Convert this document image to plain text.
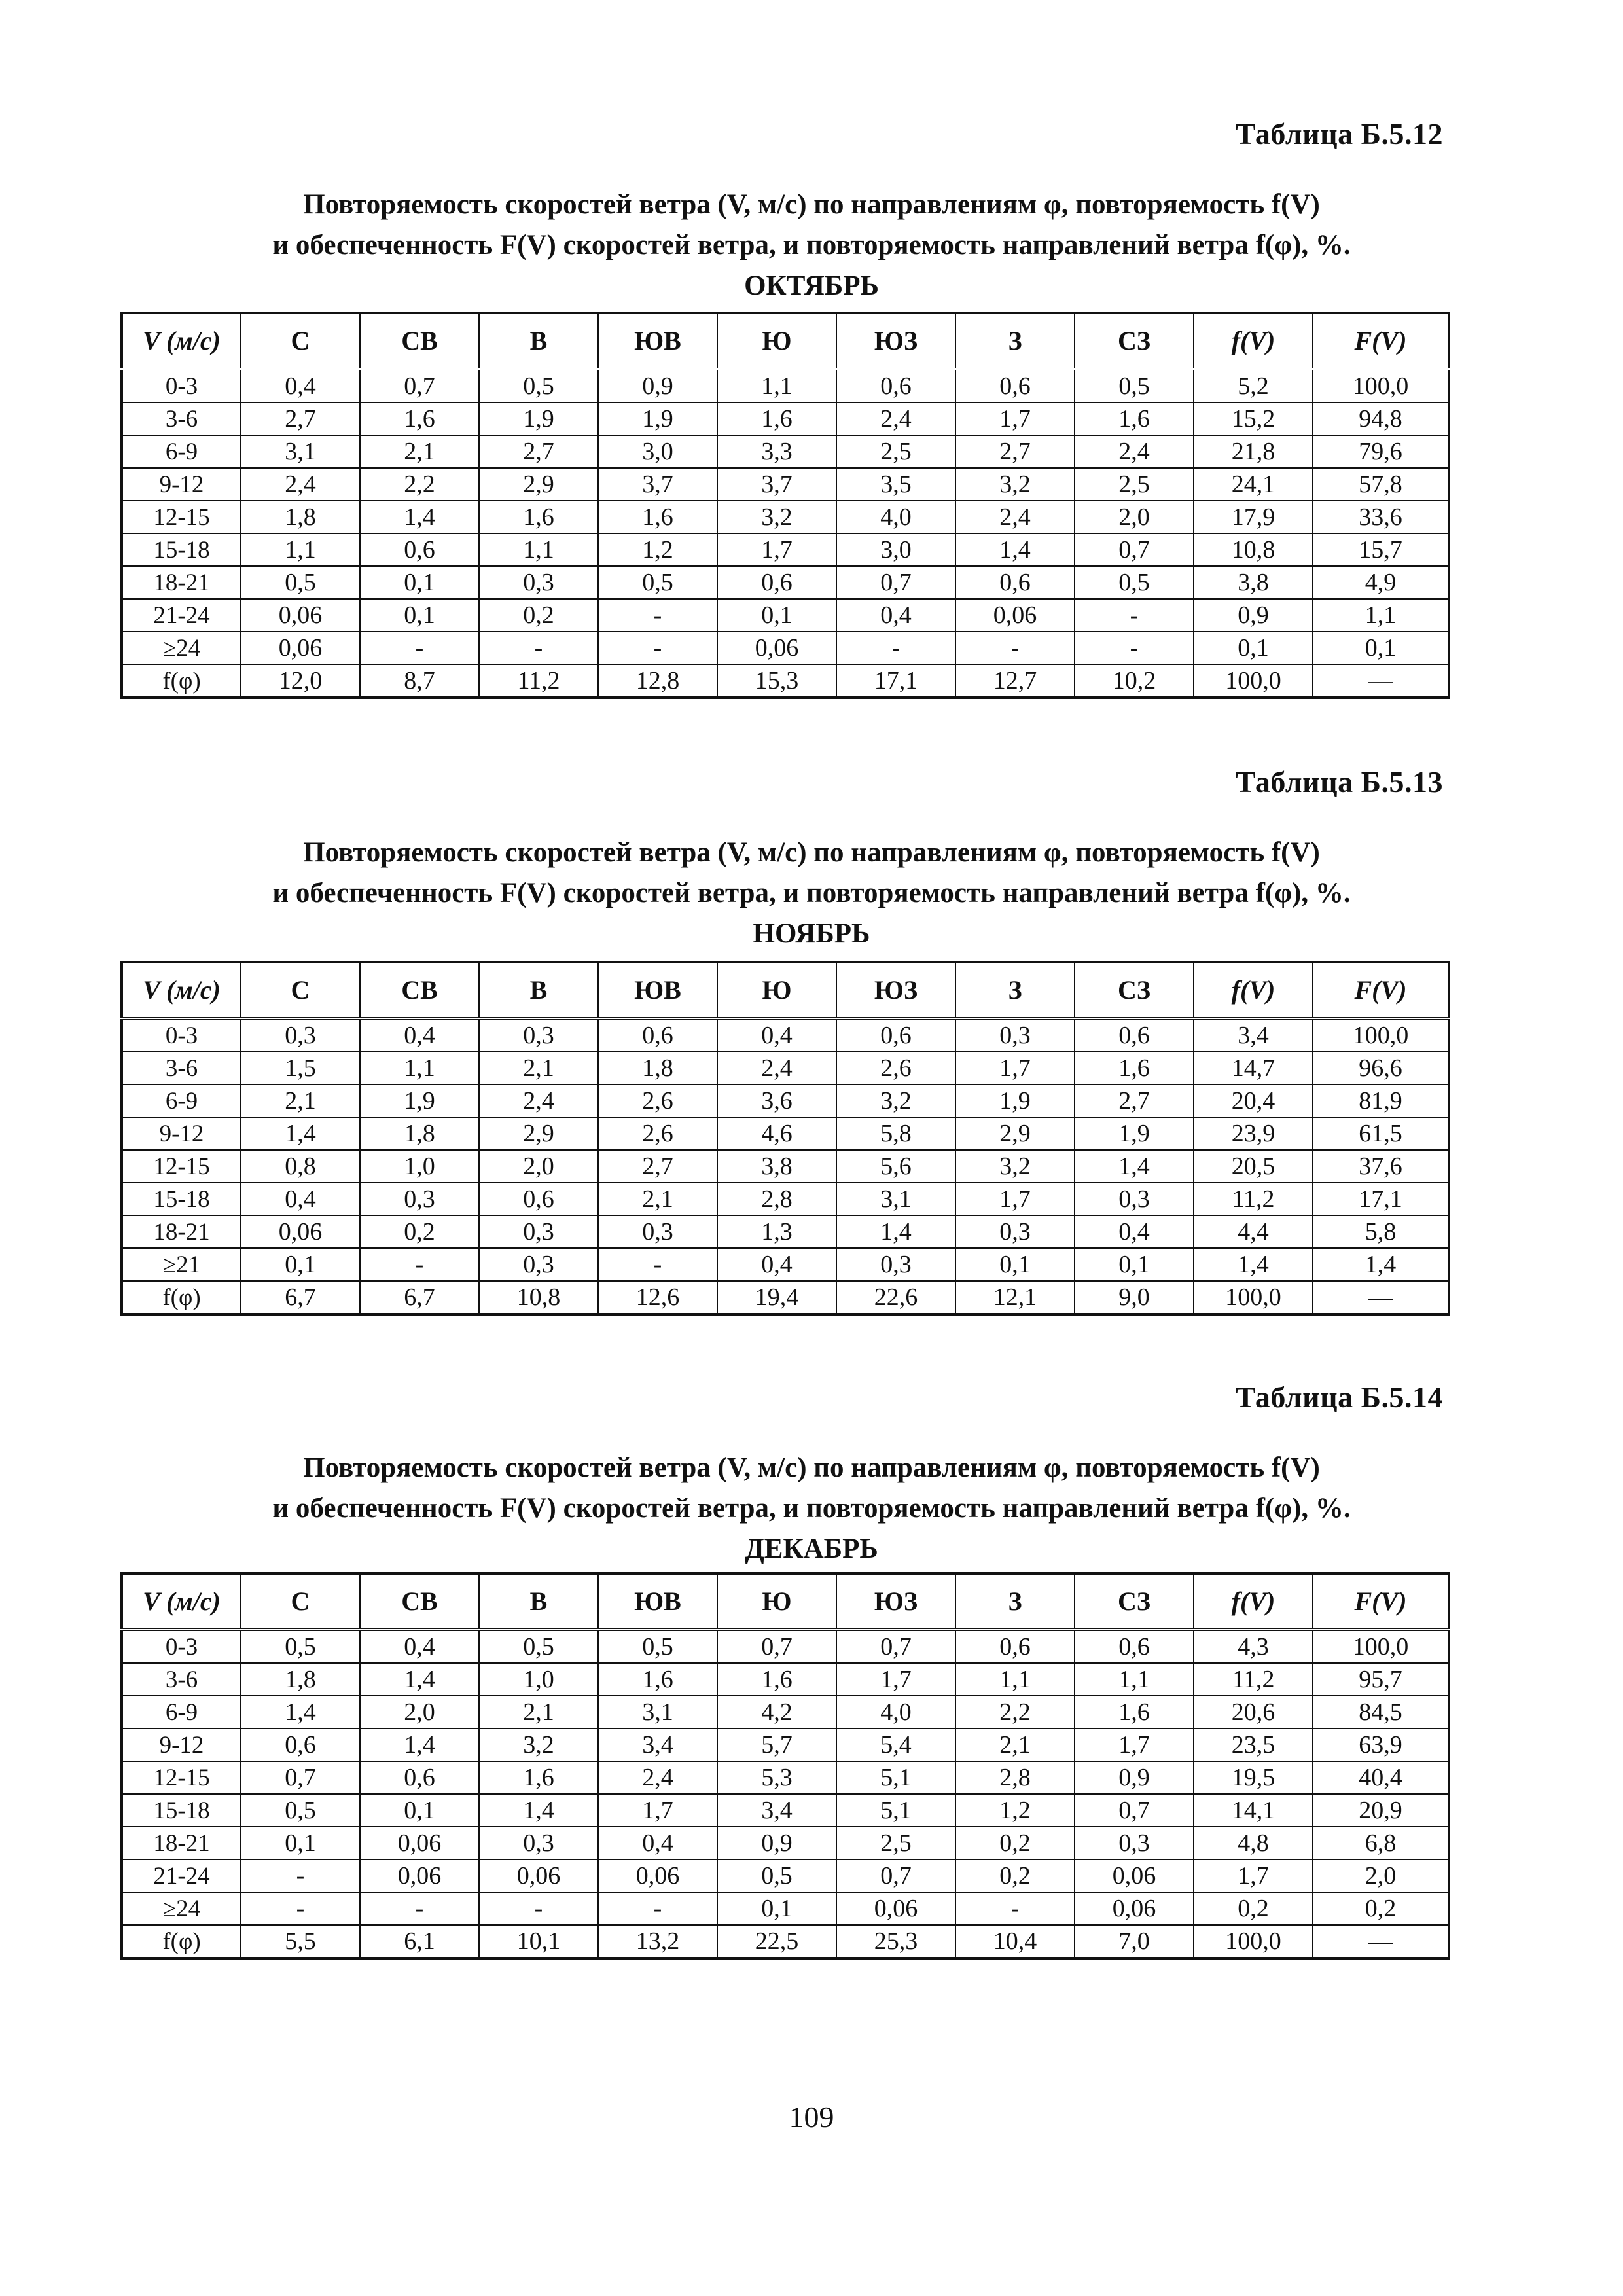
Таблица Б.5.12
Повторяемость скоростей ветра (V, м/с) по направлениям φ, повторяемость f(V)
и обеспеченность F(V) скоростей ветра, и повторяемость направлений ветра f(φ), %.
ОКТЯБРЬ
V (м/с)	С	СВ	В	ЮВ	Ю	ЮЗ	З	СЗ	f(V)	F(V)
0-3	0,4	0,7	0,5	0,9	1,1	0,6	0,6	0,5	5,2	100,0
3-6	2,7	1,6	1,9	1,9	1,6	2,4	1,7	1,6	15,2	94,8
6-9	3,1	2,1	2,7	3,0	3,3	2,5	2,7	2,4	21,8	79,6
9-12	2,4	2,2	2,9	3,7	3,7	3,5	3,2	2,5	24,1	57,8
12-15	1,8	1,4	1,6	1,6	3,2	4,0	2,4	2,0	17,9	33,6
15-18	1,1	0,6	1,1	1,2	1,7	3,0	1,4	0,7	10,8	15,7
18-21	0,5	0,1	0,3	0,5	0,6	0,7	0,6	0,5	3,8	4,9
21-24	0,06	0,1	0,2	-	0,1	0,4	0,06	-	0,9	1,1
≥24	0,06	-	-	-	0,06	-	-	-	0,1	0,1
f(φ)	12,0	8,7	11,2	12,8	15,3	17,1	12,7	10,2	100,0	—
Таблица Б.5.13
Повторяемость скоростей ветра (V, м/с) по направлениям φ, повторяемость f(V)
и обеспеченность F(V) скоростей ветра, и повторяемость направлений ветра f(φ), %.
НОЯБРЬ
V (м/с)	С	СВ	В	ЮВ	Ю	ЮЗ	З	СЗ	f(V)	F(V)
0-3	0,3	0,4	0,3	0,6	0,4	0,6	0,3	0,6	3,4	100,0
3-6	1,5	1,1	2,1	1,8	2,4	2,6	1,7	1,6	14,7	96,6
6-9	2,1	1,9	2,4	2,6	3,6	3,2	1,9	2,7	20,4	81,9
9-12	1,4	1,8	2,9	2,6	4,6	5,8	2,9	1,9	23,9	61,5
12-15	0,8	1,0	2,0	2,7	3,8	5,6	3,2	1,4	20,5	37,6
15-18	0,4	0,3	0,6	2,1	2,8	3,1	1,7	0,3	11,2	17,1
18-21	0,06	0,2	0,3	0,3	1,3	1,4	0,3	0,4	4,4	5,8
≥21	0,1	-	0,3	-	0,4	0,3	0,1	0,1	1,4	1,4
f(φ)	6,7	6,7	10,8	12,6	19,4	22,6	12,1	9,0	100,0	—
Таблица Б.5.14
Повторяемость скоростей ветра (V, м/с) по направлениям φ, повторяемость f(V)
и обеспеченность F(V) скоростей ветра, и повторяемость направлений ветра f(φ), %.
ДЕКАБРЬ
V (м/с)	С	СВ	В	ЮВ	Ю	ЮЗ	З	СЗ	f(V)	F(V)
0-3	0,5	0,4	0,5	0,5	0,7	0,7	0,6	0,6	4,3	100,0
3-6	1,8	1,4	1,0	1,6	1,6	1,7	1,1	1,1	11,2	95,7
6-9	1,4	2,0	2,1	3,1	4,2	4,0	2,2	1,6	20,6	84,5
9-12	0,6	1,4	3,2	3,4	5,7	5,4	2,1	1,7	23,5	63,9
12-15	0,7	0,6	1,6	2,4	5,3	5,1	2,8	0,9	19,5	40,4
15-18	0,5	0,1	1,4	1,7	3,4	5,1	1,2	0,7	14,1	20,9
18-21	0,1	0,06	0,3	0,4	0,9	2,5	0,2	0,3	4,8	6,8
21-24	-	0,06	0,06	0,06	0,5	0,7	0,2	0,06	1,7	2,0
≥24	-	-	-	-	0,1	0,06	-	0,06	0,2	0,2
f(φ)	5,5	6,1	10,1	13,2	22,5	25,3	10,4	7,0	100,0	—
109
